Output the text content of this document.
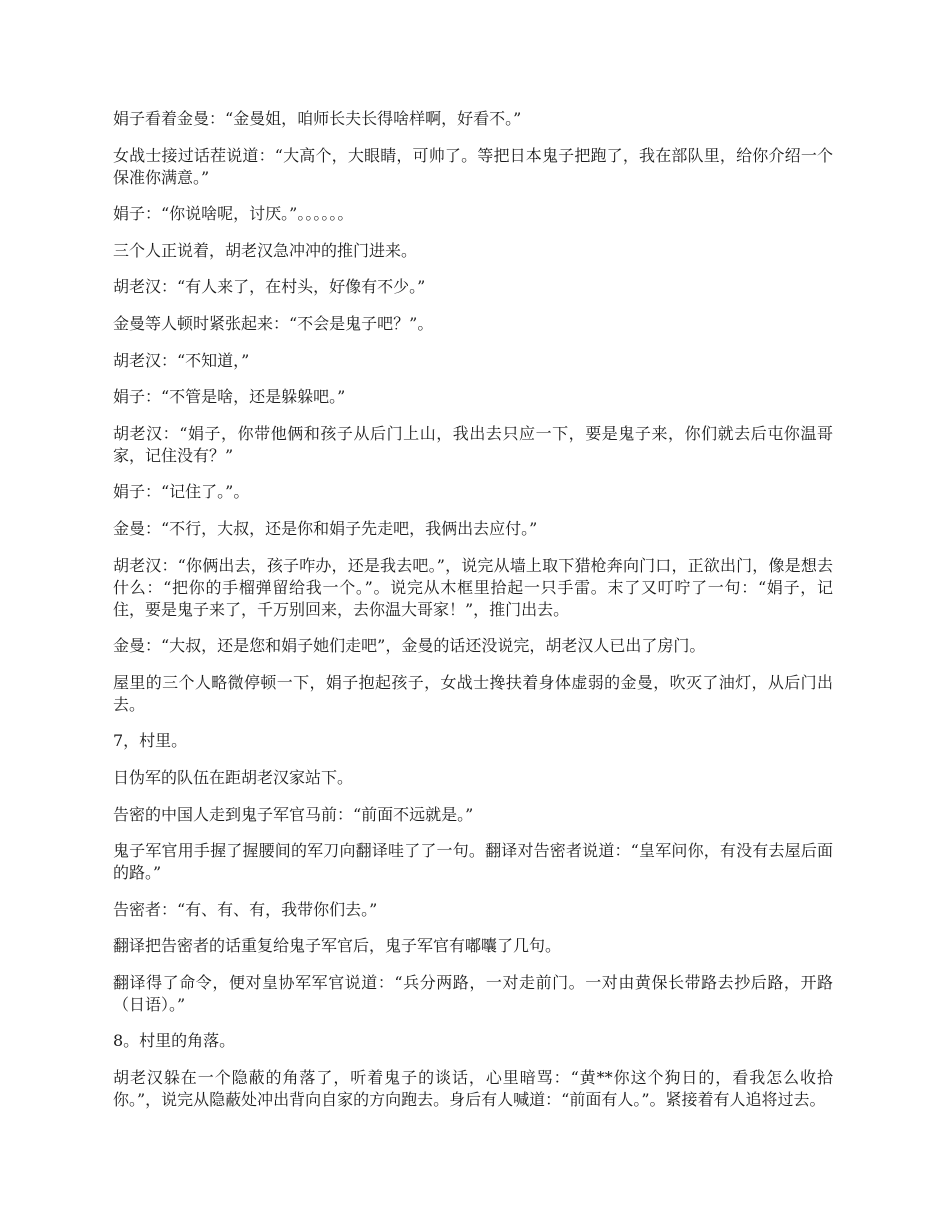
娟子看着金曼：“金曼姐，咱师长夫长得啥样啊，好看不。”

女战士接过话茬说道：“大高个，大眼睛，可帅了。等把日本鬼子把跑了，我在部队里，给你介绍一个保准你满意。”

娟子：“你说啥呢，讨厌。”。。。。。。

三个人正说着，胡老汉急冲冲的推门进来。

胡老汉：“有人来了，在村头，好像有不少。”

金曼等人顿时紧张起来：“不会是鬼子吧？”。

胡老汉：“不知道，”

娟子：“不管是啥，还是躲躲吧。”

胡老汉：“娟子，你带他俩和孩子从后门上山，我出去只应一下，要是鬼子来，你们就去后屯你温哥家，记住没有？”

娟子：“记住了。”。

金曼：“不行，大叔，还是你和娟子先走吧，我俩出去应付。”

胡老汉：“你俩出去，孩子咋办，还是我去吧。”，说完从墙上取下猎枪奔向门口，正欲出门，像是想去什么：“把你的手榴弹留给我一个。”。说完从木框里拾起一只手雷。末了又叮咛了一句：“娟子，记住，要是鬼子来了，千万别回来，去你温大哥家！”，推门出去。

金曼：“大叔，还是您和娟子她们走吧”，金曼的话还没说完，胡老汉人已出了房门。

屋里的三个人略微停顿一下，娟子抱起孩子，女战士搀扶着身体虚弱的金曼，吹灭了油灯，从后门出去。

7，村里。

日伪军的队伍在距胡老汉家站下。

告密的中国人走到鬼子军官马前：“前面不远就是。”

鬼子军官用手握了握腰间的军刀向翻译哇了了一句。翻译对告密者说道：“皇军问你，有没有去屋后面的路。”

告密者：“有、有、有，我带你们去。”

翻译把告密者的话重复给鬼子军官后，鬼子军官有嘟囔了几句。

翻译得了命令，便对皇协军军官说道：“兵分两路，一对走前门。一对由黄保长带路去抄后路，开路（日语）。”

8。村里的角落。

胡老汉躲在一个隐蔽的角落了，听着鬼子的谈话，心里暗骂：“黄**你这个狗日的，看我怎么收拾你。”，说完从隐蔽处冲出背向自家的方向跑去。身后有人喊道：“前面有人。”。紧接着有人追将过去。
